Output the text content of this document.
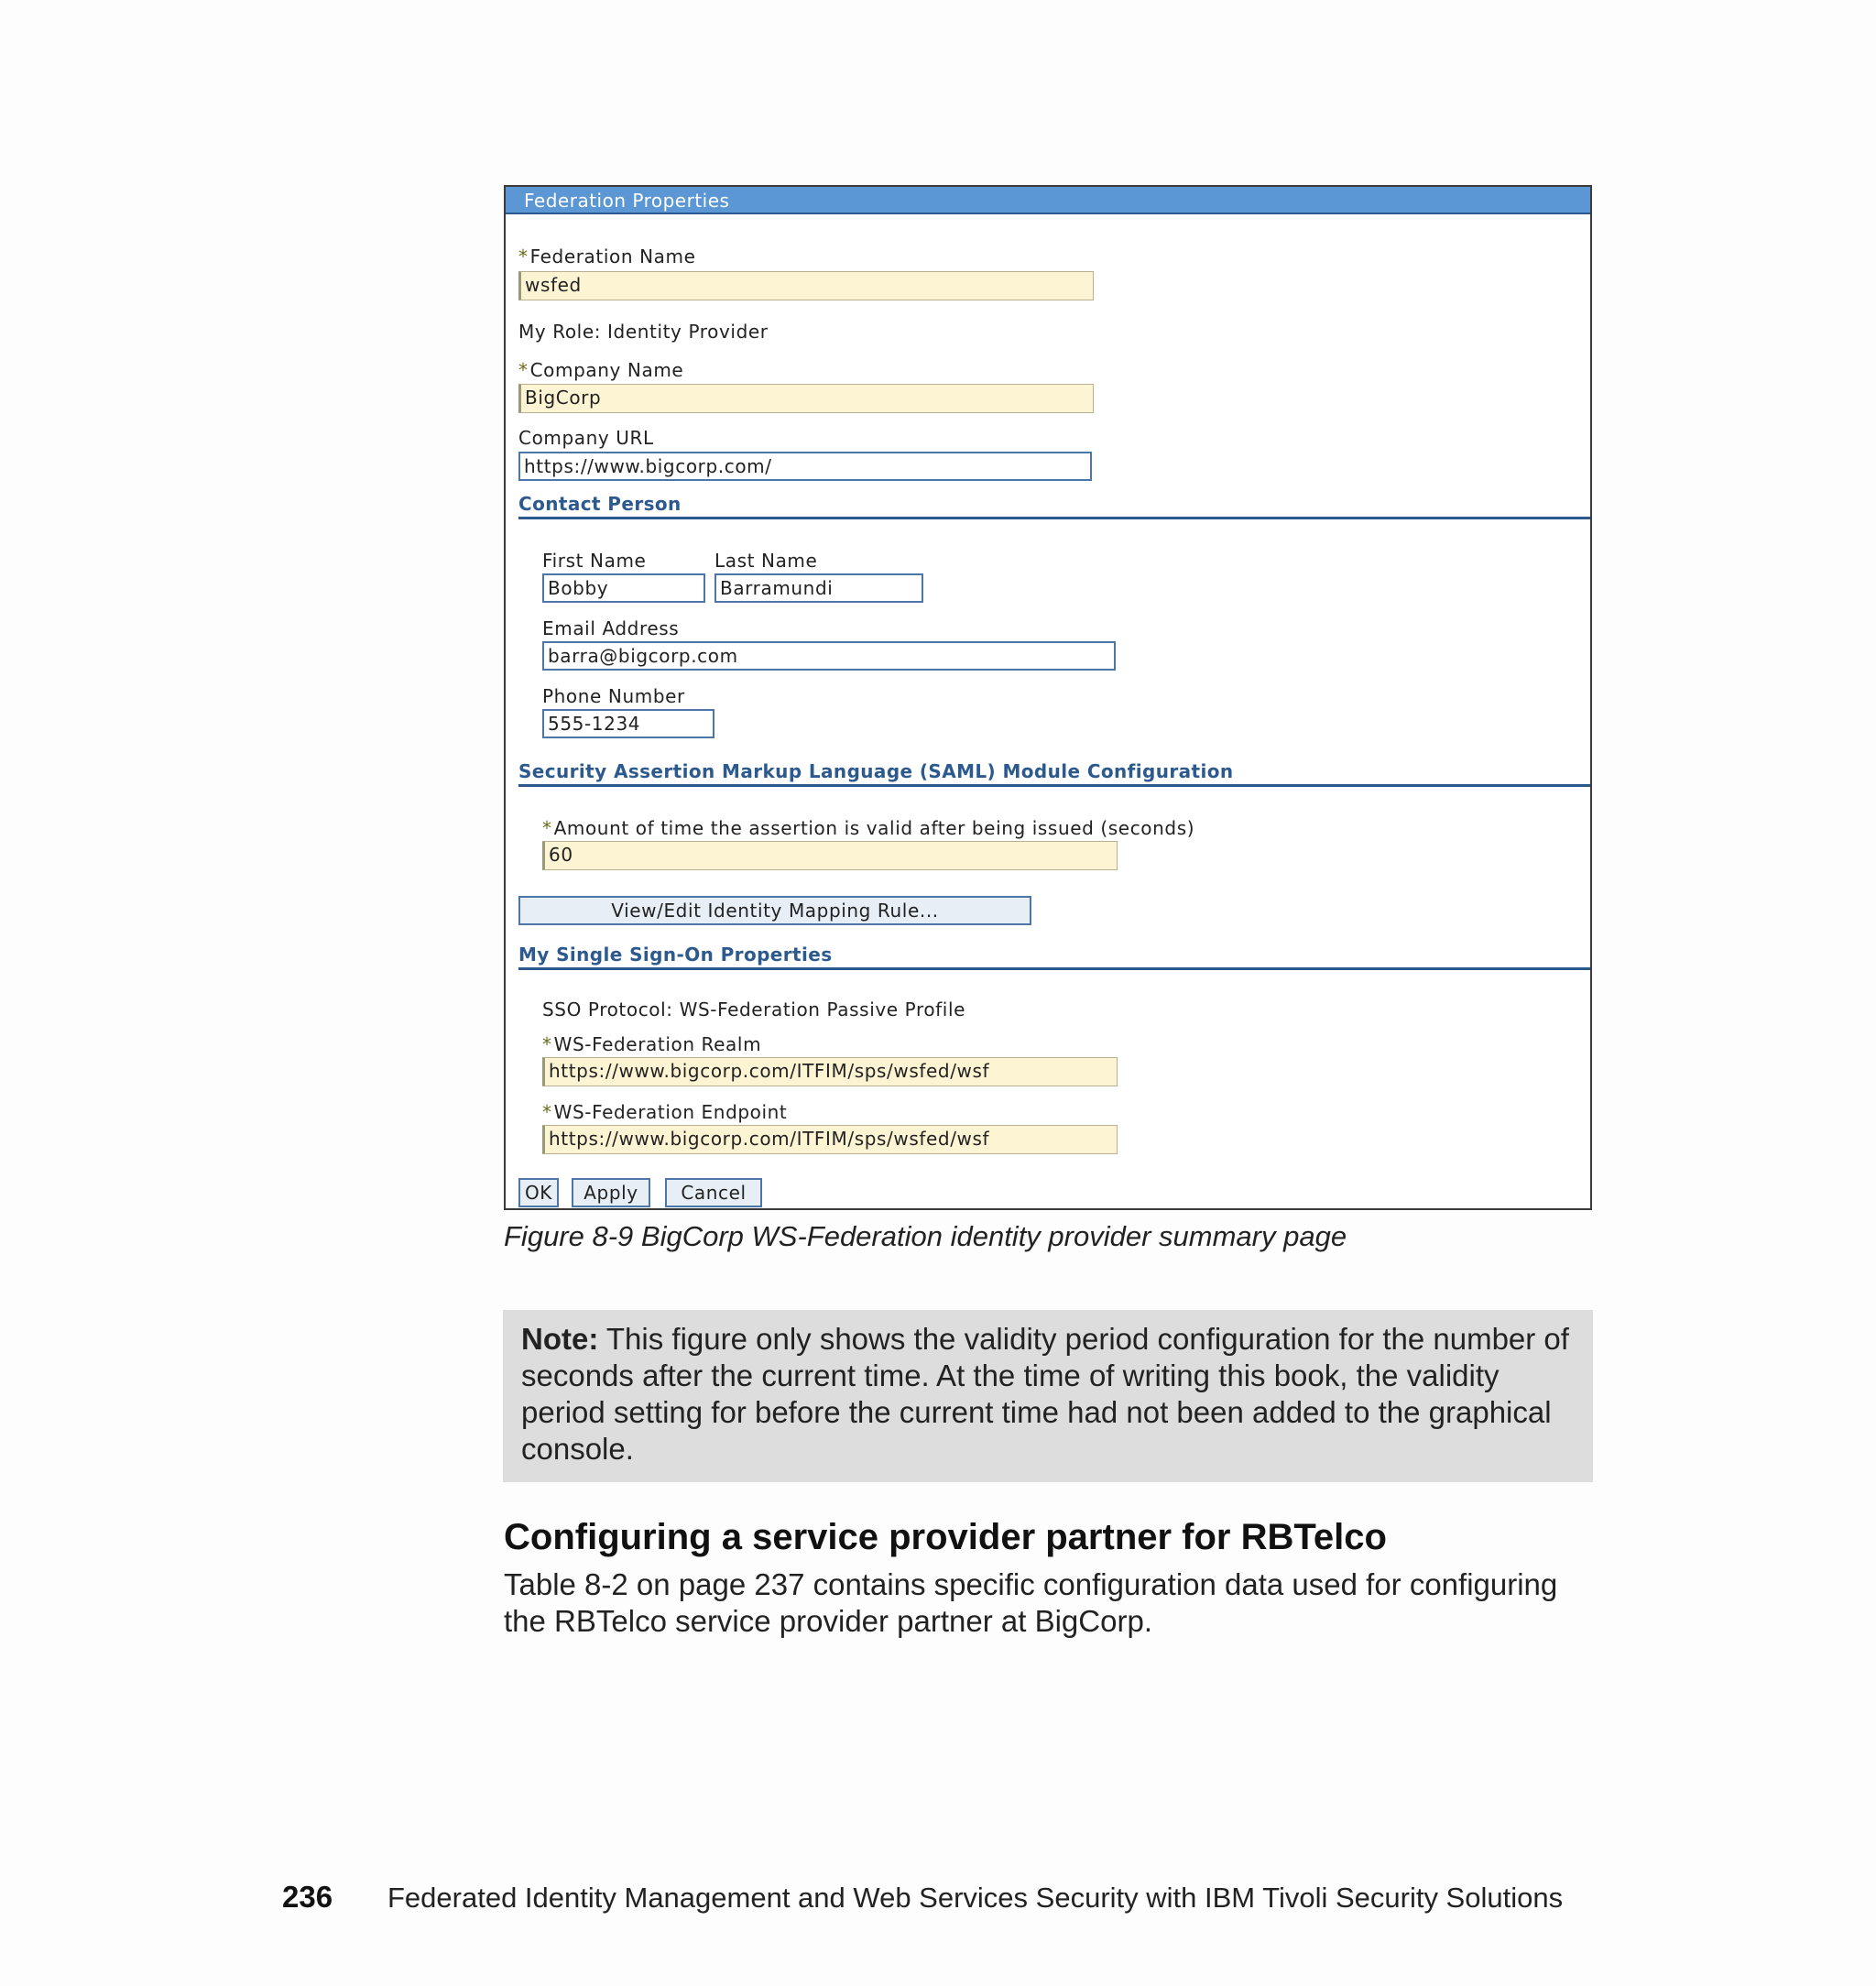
Federation Properties
* Federation Name
wsfed
My Role: Identity Provider
* Company Name
BigCorp
Company URL
https://www.bigcorp.com/
Contact Person
First Name	Last Name
Bobby	Barramundi
Email Address
barra@bigcorp.com
Phone Number
555-1234
Security Assertion Markup Language (SAML) Module Configuration
* Amount of time the assertion is valid after being issued (seconds)
60
View/Edit Identity Mapping Rule...
My Single Sign-On Properties
SSO Protocol: WS-Federation Passive Profile
* WS-Federation Realm
https://www.bigcorp.com/ITFIM/sps/wsfed/wsf
* WS-Federation Endpoint
https://www.bigcorp.com/ITFIM/sps/wsfed/wsf
OK	Apply	Cancel
Figure 8-9 BigCorp WS-Federation identity provider summary page
Note: This figure only shows the validity period configuration for the number of seconds after the current time. At the time of writing this book, the validity period setting for before the current time had not been added to the graphical console.
Configuring a service provider partner for RBTelco
Table 8-2 on page 237 contains specific configuration data used for configuring the RBTelco service provider partner at BigCorp.
236 Federated Identity Management and Web Services Security with IBM Tivoli Security Solutions
